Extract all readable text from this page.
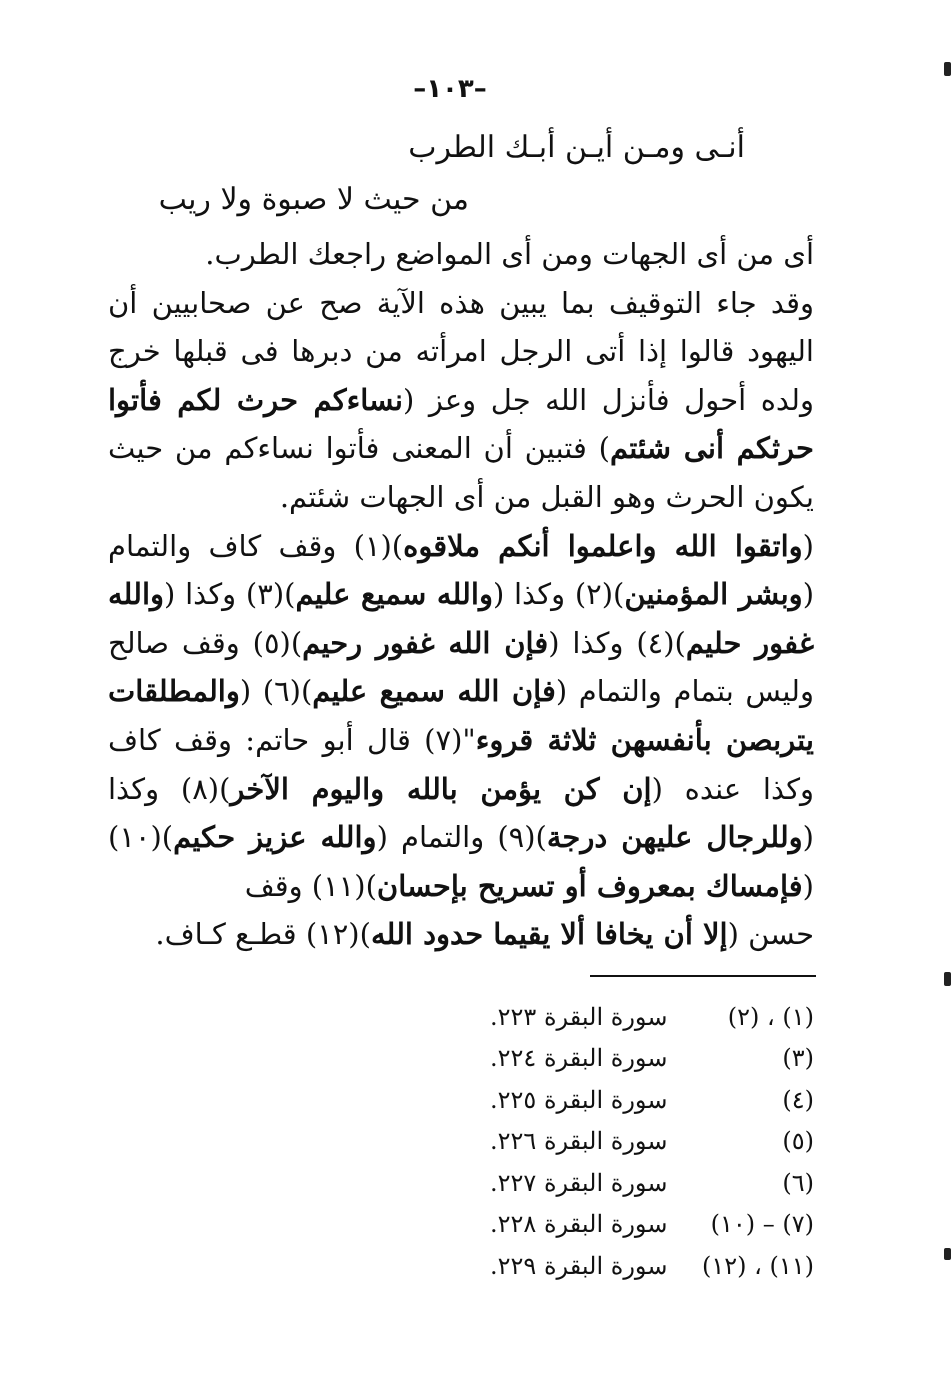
–١٠٣–
أنـى ومـن أيـن أبـك الطرب
من حيث لا صبوة ولا ريب

أى من أى الجهات ومن أى المواضع راجعك الطرب.

وقد جاء التوقيف بما يبين هذه الآية صح عن صحابيين أن اليهود قالوا إذا أتى الرجل امرأته من دبرها فى قبلها خرج ولده أحول فأنزل الله جل وعز (نساءكم حرث لكم فأتوا حرثكم أنى شئتم) فتبين أن المعنى فأتوا نساءكم من حيث يكون الحرث وهو القبل من أى الجهات شئتم.

(واتقوا الله واعلموا أنكم ملاقوه)(١) وقف كاف والتمام (وبشر المؤمنين)(٢) وكذا (والله سميع عليم)(٣) وكذا (والله غفور حليم)(٤) وكذا (فإن الله غفور رحيم)(٥) وقف صالح وليس بتمام والتمام (فإن الله سميع عليم)(٦) (والمطلقات يتربصن بأنفسهن ثلاثة قروء"(٧) قال أبو حاتم: وقف كاف وكذا عنده (إن كن يؤمن بالله واليوم الآخر)(٨) وكذا (وللرجال عليهن درجة)(٩) والتمام (والله عزيز حكيم)(١٠) (فإمساك بمعروف أو تسريح بإحسان)(١١) وقف

حسن (إلا أن يخافا ألا يقيما حدود الله)(١٢) قطـع كـاف.

(١) ، (٢)
سورة البقرة ٢٢٣.
(٣)
سورة البقرة ٢٢٤.
(٤)
سورة البقرة ٢٢٥.
(٥)
سورة البقرة ٢٢٦.
(٦)
سورة البقرة ٢٢٧.
(٧) – (١٠)
سورة البقرة ٢٢٨.
(١١) ، (١٢)
سورة البقرة ٢٢٩.
